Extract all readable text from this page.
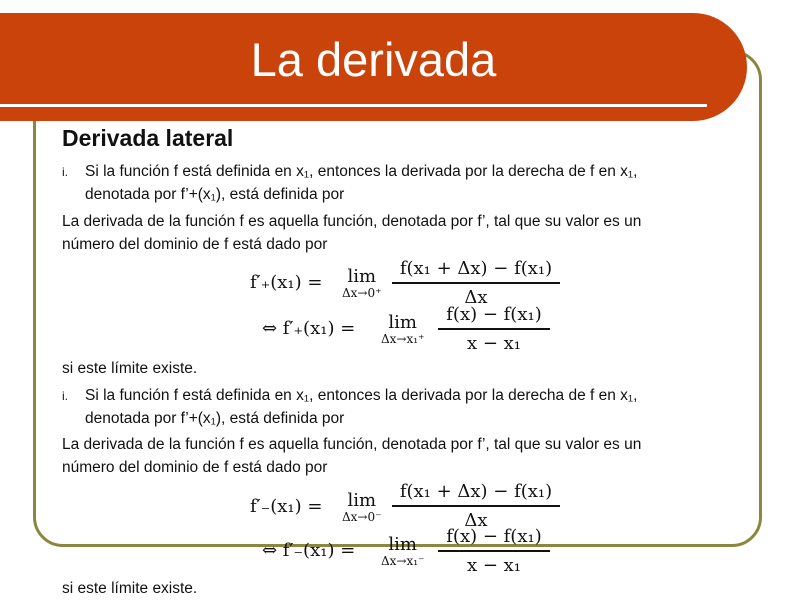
La derivada
Derivada lateral
i. Si la función f está definida en x₁, entonces la derivada por la derecha de f en x₁,
denotada por f’+(x₁), está definida por
La derivada de la función f es aquella función, denotada por f’, tal que su valor es un
número del dominio de f está dado por
f′₊(x₁) =	lim
Δx→0⁺
f(x₁ + Δx) − f(x₁)
Δx
⇔ f′₊(x₁) =	lim
Δx→x₁⁺
f(x) − f(x₁)
x − x₁
si este límite existe.
i. Si la función f está definida en x₁, entonces la derivada por la derecha de f en x₁,
denotada por f’+(x₁), está definida por
La derivada de la función f es aquella función, denotada por f’, tal que su valor es un
número del dominio de f está dado por
f′₋(x₁) =	lim
Δx→0⁻
f(x₁ + Δx) − f(x₁)
Δx
⇔ f′₋(x₁) =	lim
Δx→x₁⁻
f(x) − f(x₁)
x − x₁
si este límite existe.
